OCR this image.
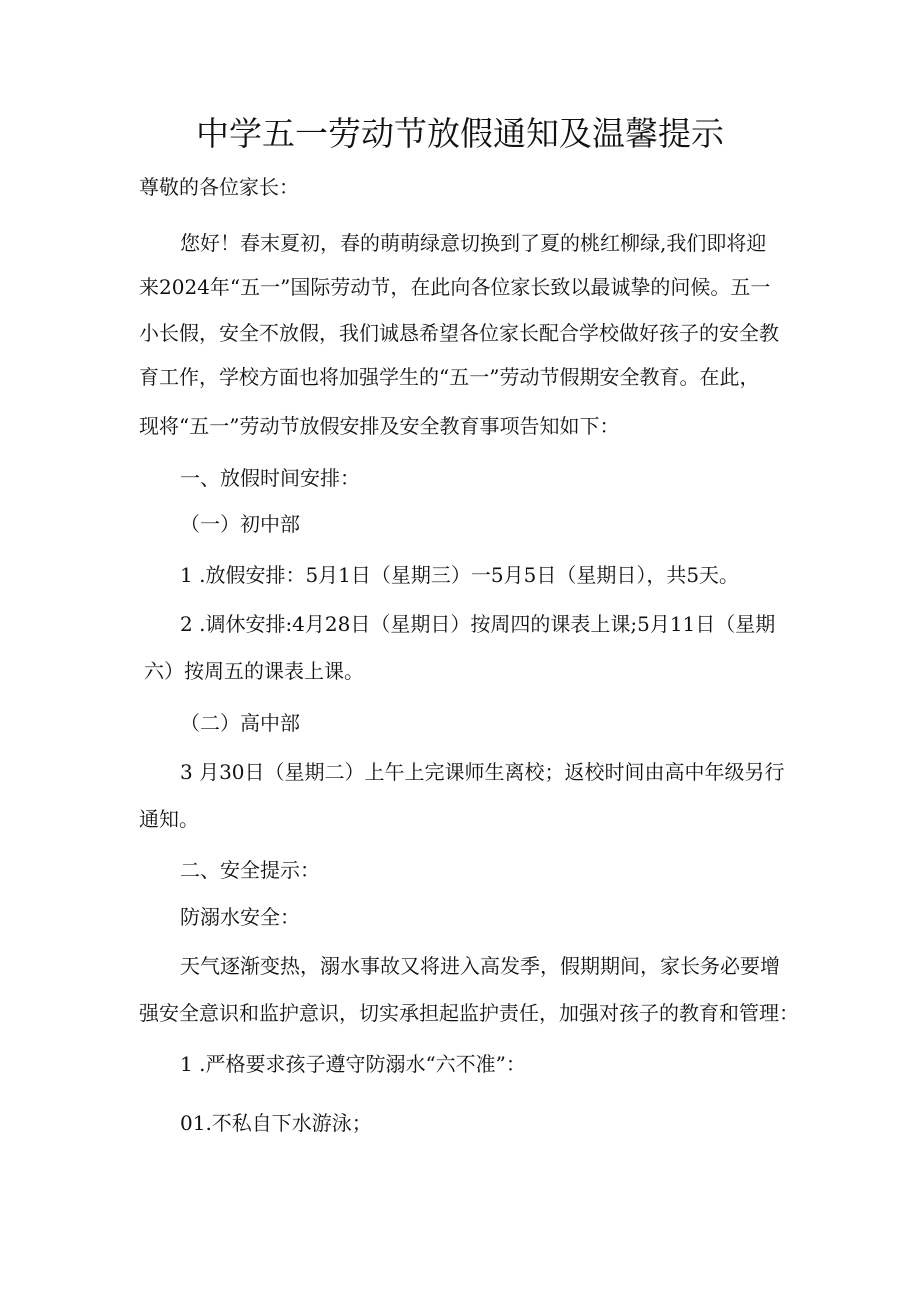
中学五一劳动节放假通知及温馨提示
尊敬的各位家长：
您好！春末夏初，春的萌萌绿意切换到了夏的桃红柳绿,我们即将迎
来2024年“五一”国际劳动节，在此向各位家长致以最诚挚的问候。五一
小长假，安全不放假，我们诚恳希望各位家长配合学校做好孩子的安全教
育工作，学校方面也将加强学生的“五一”劳动节假期安全教育。在此，
现将“五一”劳动节放假安排及安全教育事项告知如下：
一、放假时间安排：
（一）初中部
1 .放假安排：5月1日（星期三）一5月5日（星期日），共5天。
2 .调休安排:4月28日（星期日）按周四的课表上课;5月11日（星期
六）按周五的课表上课。
（二）高中部
3 月30日（星期二）上午上完课师生离校；返校时间由高中年级另行
通知。
二、安全提示：
防溺水安全：
天气逐渐变热，溺水事故又将进入高发季，假期期间，家长务必要增
强安全意识和监护意识，切实承担起监护责任，加强对孩子的教育和管理：
1 .严格要求孩子遵守防溺水“六不准”：
01.不私自下水游泳；
